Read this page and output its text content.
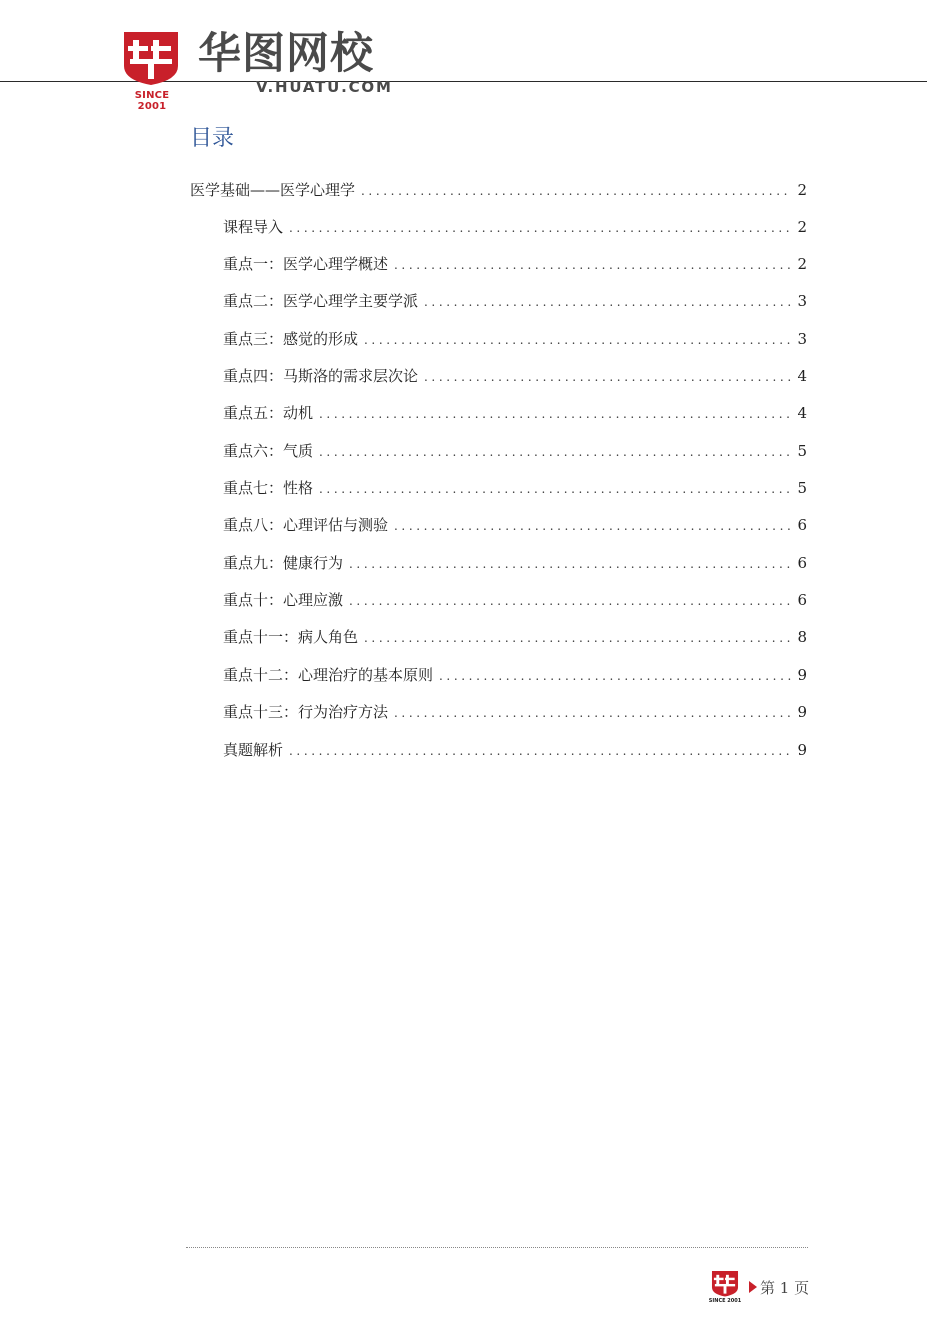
SINCE 2001
华图网校
V.HUATU.COM
目录
医学基础——医学心理学 .....	2
课程导入 .....	2
重点一：医学心理学概述 .....	2
重点二：医学心理学主要学派 .....	3
重点三：感觉的形成 .....	3
重点四：马斯洛的需求层次论 .....	4
重点五：动机 .....	4
重点六：气质 .....	5
重点七：性格 .....	5
重点八：心理评估与测验 .....	6
重点九：健康行为 .....	6
重点十：心理应激 .....	6
重点十一：病人角色 .....	8
重点十二：心理治疗的基本原则 .....	9
重点十三：行为治疗方法 .....	9
真题解析 .....	9
SINCE 2001
第 1 页
